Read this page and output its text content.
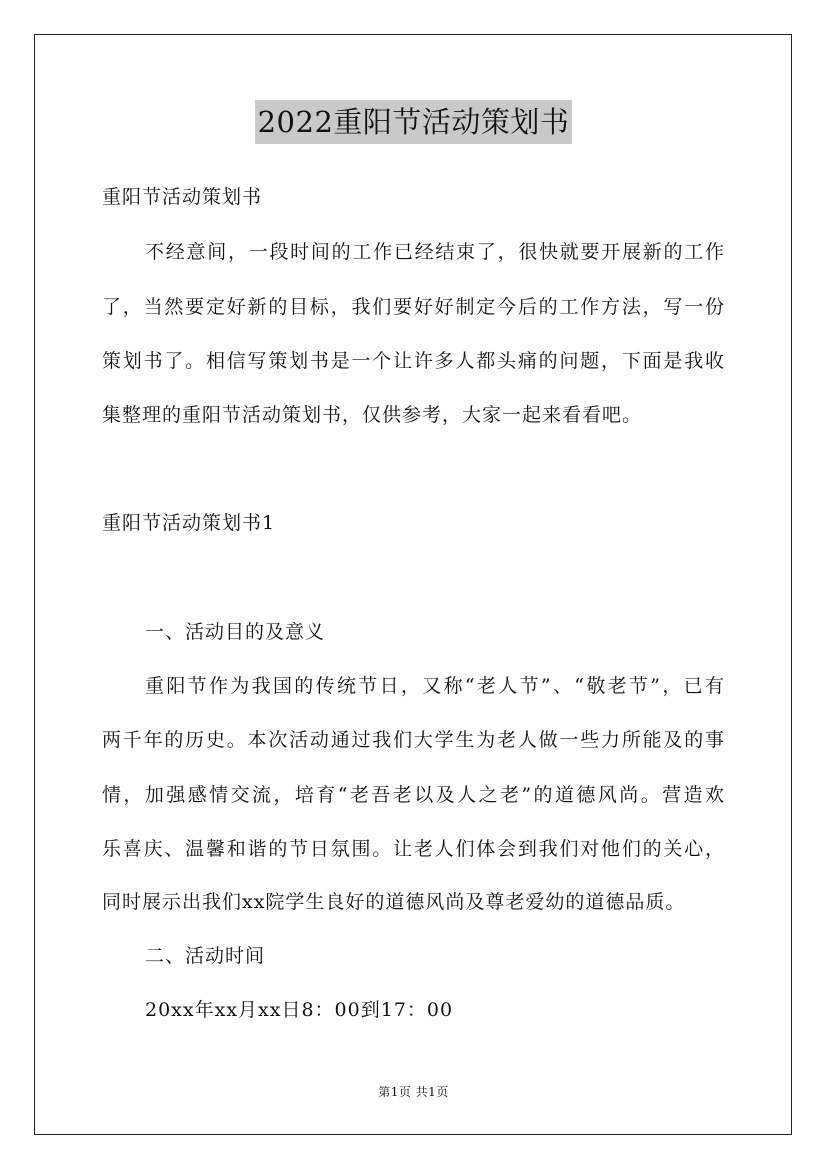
2022重阳节活动策划书
重阳节活动策划书
不经意间，一段时间的工作已经结束了，很快就要开展新的工作
了，当然要定好新的目标，我们要好好制定今后的工作方法，写一份
策划书了。相信写策划书是一个让许多人都头痛的问题，下面是我收
集整理的重阳节活动策划书，仅供参考，大家一起来看看吧。
重阳节活动策划书1
一、活动目的及意义
重阳节作为我国的传统节日，又称“老人节”、“敬老节”，已有
两千年的历史。本次活动通过我们大学生为老人做一些力所能及的事
情，加强感情交流，培育“老吾老以及人之老”的道德风尚。营造欢
乐喜庆、温馨和谐的节日氛围。让老人们体会到我们对他们的关心，
同时展示出我们xx院学生良好的道德风尚及尊老爱幼的道德品质。
二、活动时间
20xx年xx月xx日8：00到17：00
第1页 共1页
